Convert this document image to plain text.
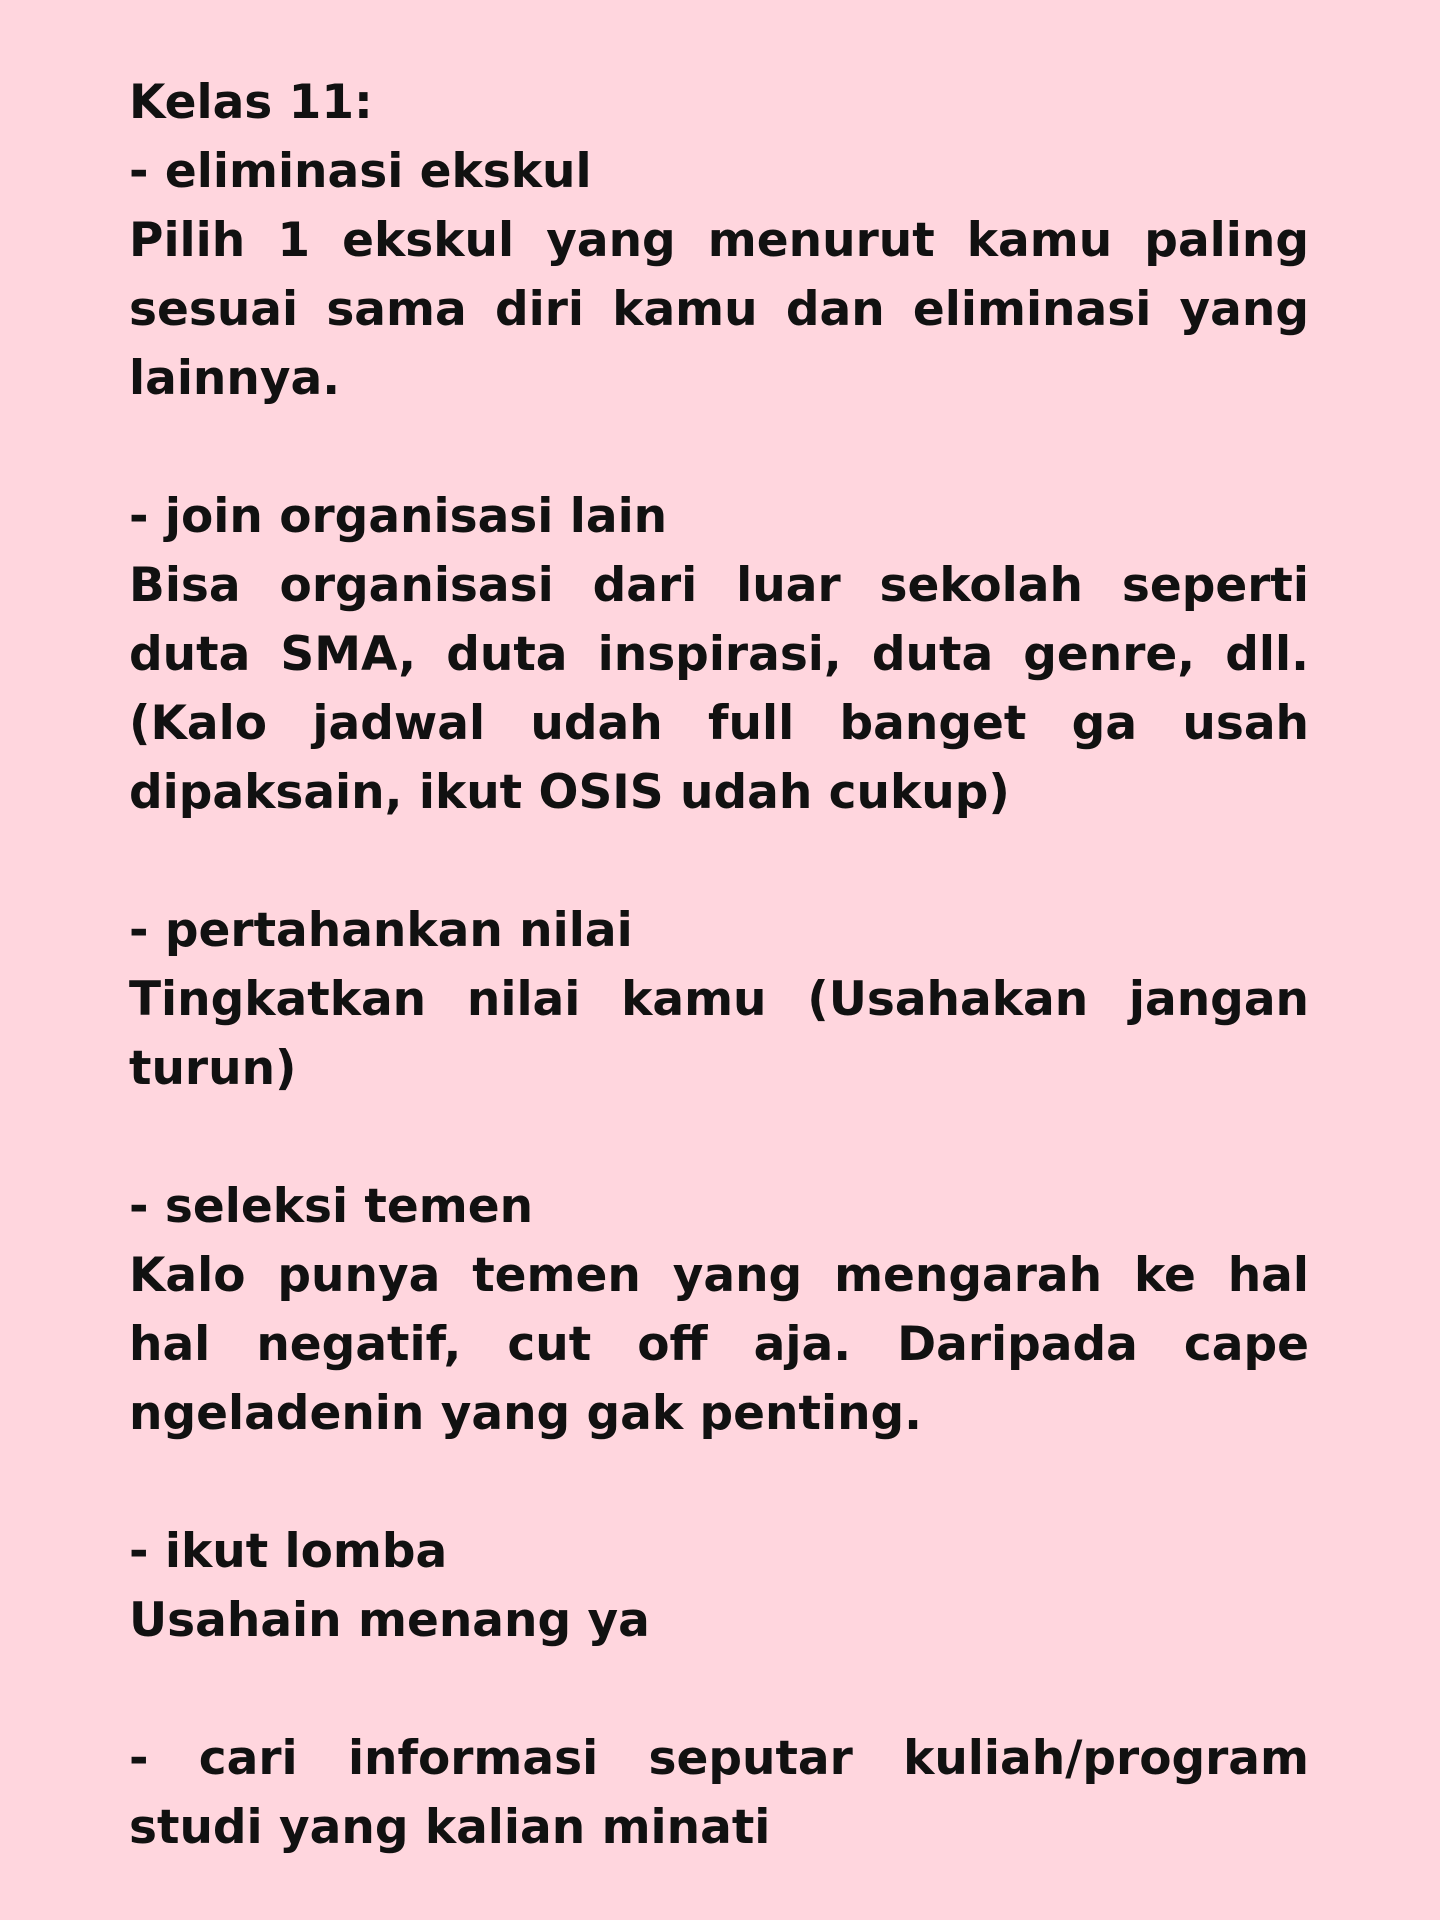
Kelas 11:

- eliminasi ekskul

Pilih 1 ekskul yang menurut kamu paling sesuai sama diri kamu dan eliminasi yang lainnya.

- join organisasi lain

Bisa organisasi dari luar sekolah seperti duta SMA, duta inspirasi, duta genre, dll. (Kalo jadwal udah full banget ga usah dipaksain, ikut OSIS udah cukup)

- pertahankan nilai

Tingkatkan nilai kamu (Usahakan jangan turun)

- seleksi temen

Kalo punya temen yang mengarah ke hal hal negatif, cut off aja. Daripada cape ngeladenin yang gak penting.

- ikut lomba

Usahain menang ya

- cari informasi seputar kuliah/program studi yang kalian minati
